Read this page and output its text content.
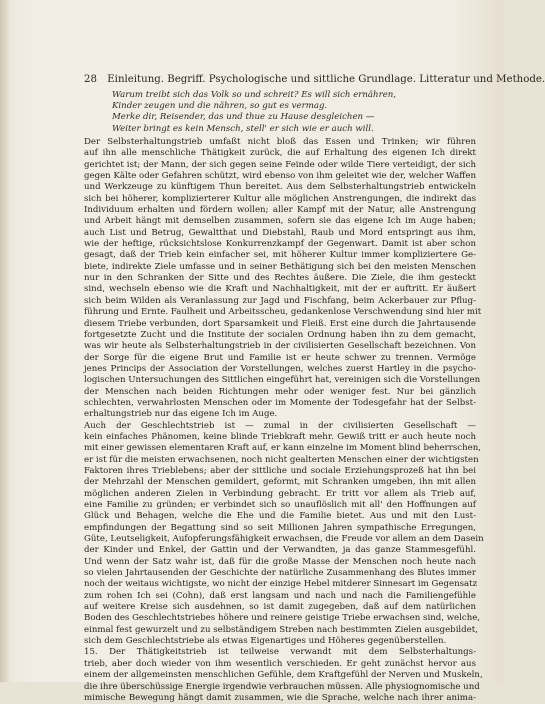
28 Einleitung. Begriff. Psychologische und sittliche Grundlage. Litteratur und Methode.
Warum treibt sich das Volk so und schreit? Es will sich ernähren,
Kinder zeugen und die nähren, so gut es vermag.
Merke dir, Reisender, das und thue zu Hause desgleichen —
Weiter bringt es kein Mensch, stell' er sich wie er auch will.
Der Selbsterhaltungstrieb umfaßt nicht bloß das Essen und Trinken; wir führen
auf ihn alle menschliche Thätigkeit zurück, die auf Erhaltung des eigenen Ich direkt
gerichtet ist; der Mann, der sich gegen seine Feinde oder wilde Tiere verteidigt, der sich
gegen Kälte oder Gefahren schützt, wird ebenso von ihm geleitet wie der, welcher Waffen
und Werkzeuge zu künftigem Thun bereitet. Aus dem Selbsterhaltungstrieb entwickeln
sich bei höherer, komplizierterer Kultur alle möglichen Anstrengungen, die indirekt das
Individuum erhalten und fördern wollen; aller Kampf mit der Natur, alle Anstrengung
und Arbeit hängt mit demselben zusammen, sofern sie das eigene Ich im Auge haben;
auch List und Betrug, Gewaltthat und Diebstahl, Raub und Mord entspringt aus ihm,
wie der heftige, rücksichtslose Konkurrenzkampf der Gegenwart. Damit ist aber schon
gesagt, daß der Trieb kein einfacher sei, mit höherer Kultur immer kompliziertere Ge-
biete, indirekte Ziele umfasse und in seiner Bethätigung sich bei den meisten Menschen
nur in den Schranken der Sitte und des Rechtes äußere. Die Ziele, die ihm gesteckt
sind, wechseln ebenso wie die Kraft und Nachhaltigkeit, mit der er auftritt. Er äußert
sich beim Wilden als Veranlassung zur Jagd und Fischfang, beim Ackerbauer zur Pflug-
führung und Ernte. Faulheit und Arbeitsscheu, gedankenlose Verschwendung sind hier mit
diesem Triebe verbunden, dort Sparsamkeit und Fleiß. Erst eine durch die Jahrtausende
fortgesetzte Zucht und die Institute der socialen Ordnung haben ihn zu dem gemacht,
was wir heute als Selbsterhaltungstrieb in der civilisierten Gesellschaft bezeichnen. Von
der Sorge für die eigene Brut und Familie ist er heute schwer zu trennen. Vermöge
jenes Princips der Association der Vorstellungen, welches zuerst Hartley in die psycho-
logischen Untersuchungen des Sittlichen eingeführt hat, vereinigen sich die Vorstellungen
der Menschen nach beiden Richtungen mehr oder weniger fest. Nur bei gänzlich
schlechten, verwahrlosten Menschen oder im Momente der Todesgefahr hat der Selbst-
erhaltungstrieb nur das eigene Ich im Auge.
Auch der Geschlechtstrieb ist — zumal in der civilisierten Gesellschaft —
kein einfaches Phänomen, keine blinde Triebkraft mehr. Gewiß tritt er auch heute noch
mit einer gewissen elementaren Kraft auf, er kann einzelne im Moment blind beherrschen,
er ist für die meisten erwachsenen, noch nicht gealterten Menschen einer der wichtigsten
Faktoren ihres Trieblebens; aber der sittliche und sociale Erziehungsprozeß hat ihn bei
der Mehrzahl der Menschen gemildert, geformt, mit Schranken umgeben, ihn mit allen
möglichen anderen Zielen in Verbindung gebracht. Er tritt vor allem als Trieb auf,
eine Familie zu gründen; er verbindet sich so unauflöslich mit all' den Hoffnungen auf
Glück und Behagen, welche die Ehe und die Familie bietet. Aus und mit den Lust-
empfindungen der Begattung sind so seit Millionen Jahren sympathische Erregungen,
Güte, Leutseligkeit, Aufopferungsfähigkeit erwachsen, die Freude vor allem an dem Dasein
der Kinder und Enkel, der Gattin und der Verwandten, ja das ganze Stammesgefühl.
Und wenn der Satz wahr ist, daß für die große Masse der Menschen noch heute nach
so vielen Jahrtausenden der Geschichte der natürliche Zusammenhang des Blutes immer
noch der weitaus wichtigste, wo nicht der einzige Hebel mitderer Sinnesart im Gegensatz
zum rohen Ich sei (Cohn), daß erst langsam und nach und nach die Familiengefühle
auf weitere Kreise sich ausdehnen, so ist damit zugegeben, daß auf dem natürlichen
Boden des Geschlechtstriebes höhere und reinere geistige Triebe erwachsen sind, welche,
einmal fest gewurzelt und zu selbständigem Streben nach bestimmten Zielen ausgebildet,
sich dem Geschlechtstriebe als etwas Eigenartiges und Höheres gegenüberstellen.
15. Der Thätigkeitstrieb ist teilweise verwandt mit dem Selbsterhaltungs-
trieb, aber doch wieder von ihm wesentlich verschieden. Er geht zunächst hervor aus
einem der allgemeinsten menschlichen Gefühle, dem Kraftgefühl der Nerven und Muskeln,
die ihre überschüssige Energie irgendwie verbrauchen müssen. Alle physiognomische und
mimische Bewegung hängt damit zusammen, wie die Sprache, welche nach ihrer anima-
